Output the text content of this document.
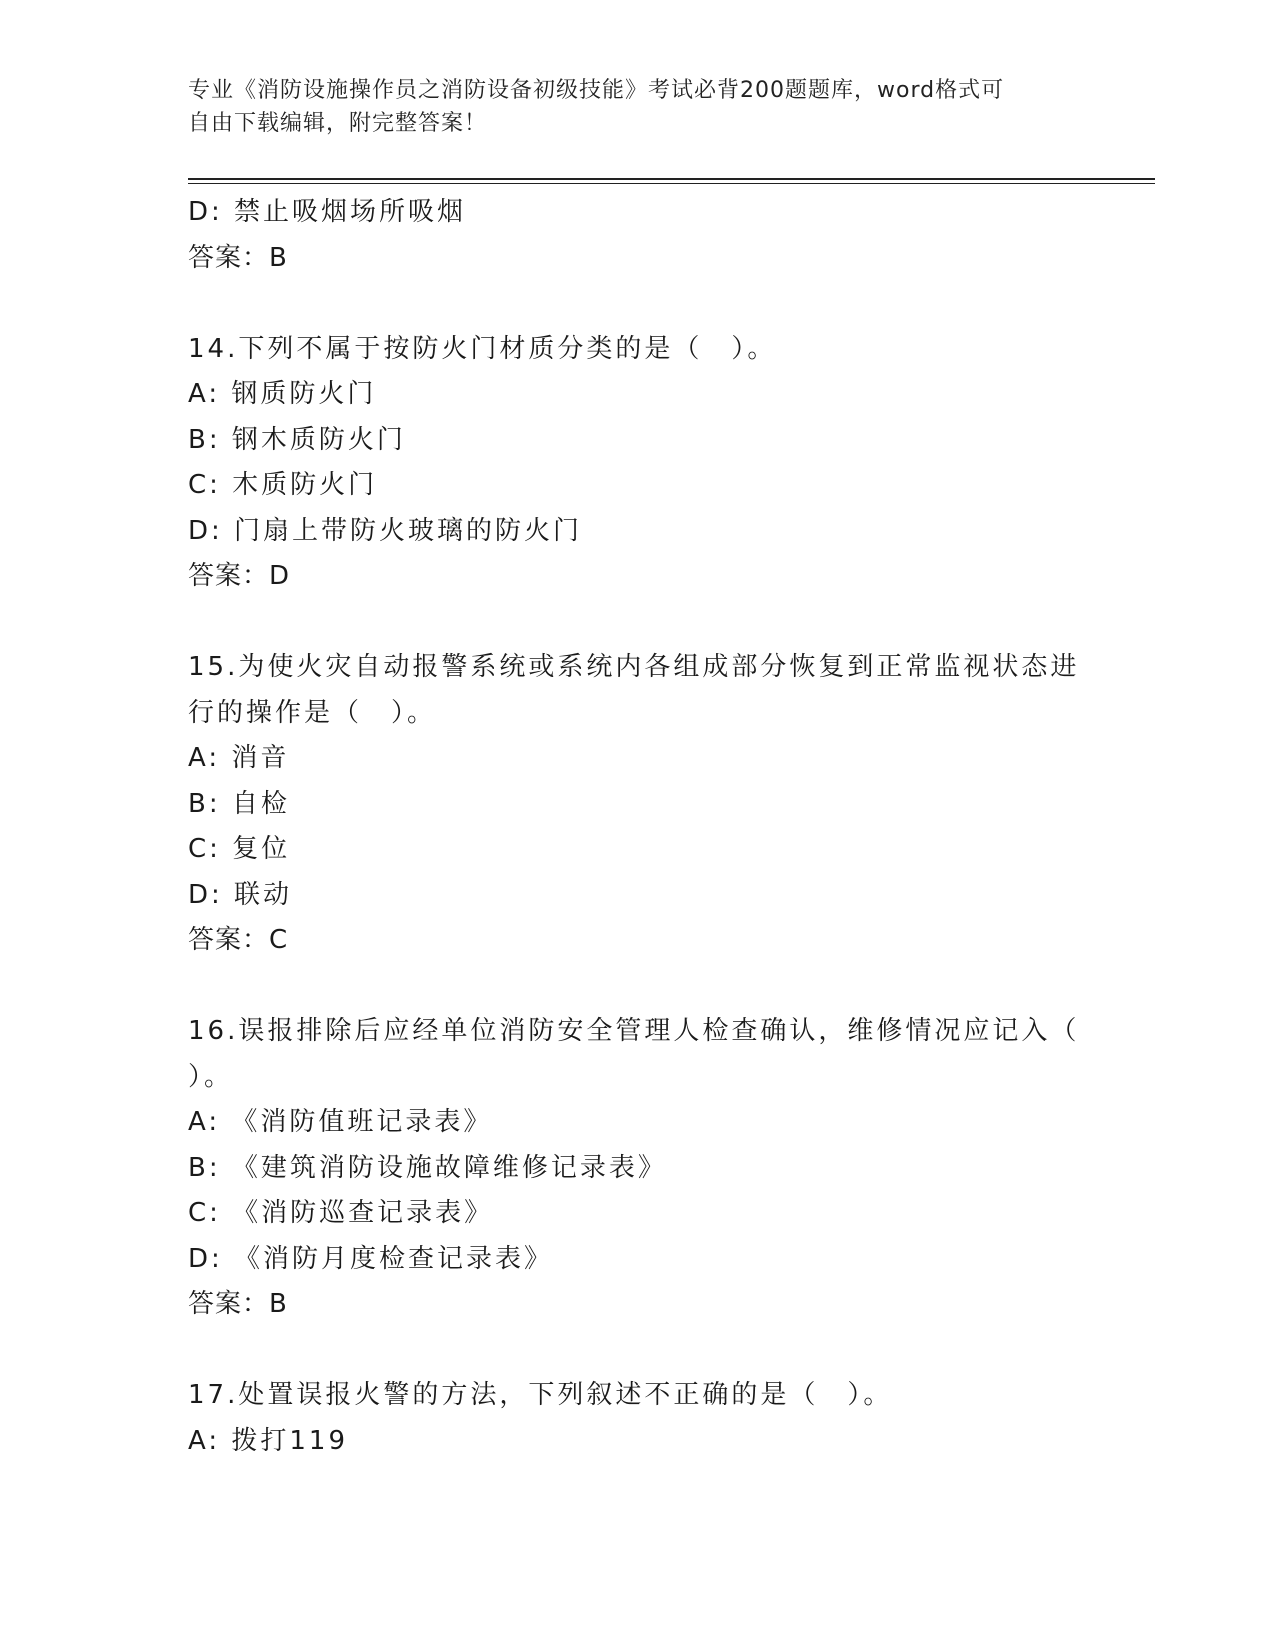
专业《消防设施操作员之消防设备初级技能》考试必背200题题库，word格式可
自由下载编辑，附完整答案！
D: 禁止吸烟场所吸烟
答案：B
14.下列不属于按防火门材质分类的是（　）。
A: 钢质防火门
B: 钢木质防火门
C: 木质防火门
D: 门扇上带防火玻璃的防火门
答案：D
15.为使火灾自动报警系统或系统内各组成部分恢复到正常监视状态进
行的操作是（　）。
A: 消音
B: 自检
C: 复位
D: 联动
答案：C
16.误报排除后应经单位消防安全管理人检查确认，维修情况应记入（
）。
A: 《消防值班记录表》
B: 《建筑消防设施故障维修记录表》
C: 《消防巡查记录表》
D: 《消防月度检查记录表》
答案：B
17.处置误报火警的方法，下列叙述不正确的是（　）。
A: 拨打119
